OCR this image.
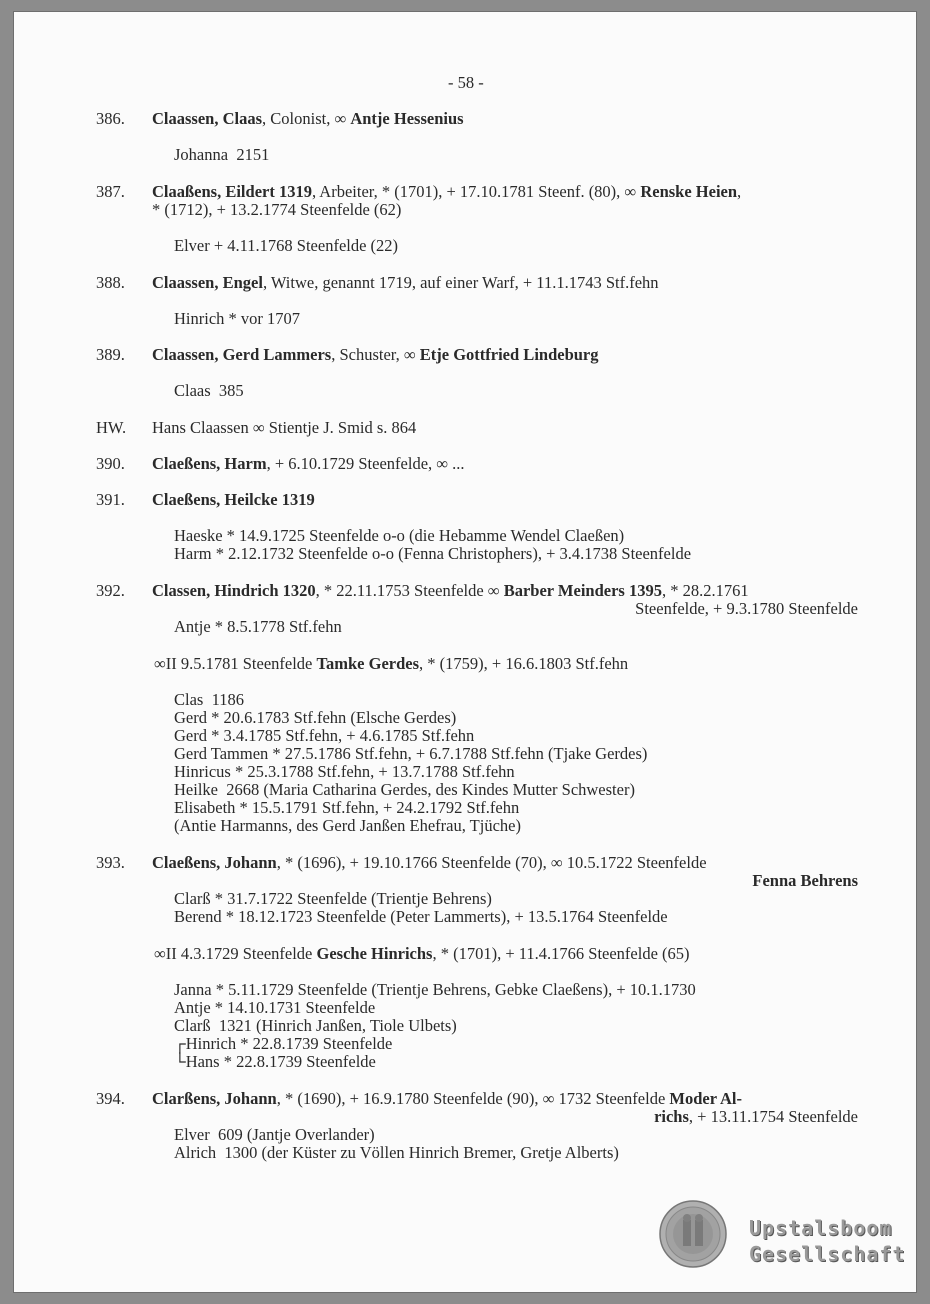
- 58 -
386. Claassen, Claas, Colonist, ∞ Antje Hessenius
Johanna  2151
387. Claaßens, Eildert 1319, Arbeiter, * (1701), + 17.10.1781 Steenf. (80), ∞ Renske Heien,
* (1712), + 13.2.1774 Steenfelde (62)
Elver + 4.11.1768 Steenfelde (22)
388. Claassen, Engel, Witwe, genannt 1719, auf einer Warf, + 11.1.1743 Stf.fehn
Hinrich * vor 1707
389. Claassen, Gerd Lammers, Schuster, ∞ Etje Gottfried Lindeburg
Claas  385
HW. Hans Claassen ∞ Stientje J. Smid s. 864
390. Claeßens, Harm, + 6.10.1729 Steenfelde, ∞ ...
391. Claeßens, Heilcke 1319
Haeske * 14.9.1725 Steenfelde o-o (die Hebamme Wendel Claeßen)
Harm * 2.12.1732 Steenfelde o-o (Fenna Christophers), + 3.4.1738 Steenfelde
392. Classen, Hindrich 1320, * 22.11.1753 Steenfelde ∞ Barber Meinders 1395, * 28.2.1761
Steenfelde, + 9.3.1780 Steenfelde
Antje * 8.5.1778 Stf.fehn
∞II 9.5.1781 Steenfelde Tamke Gerdes, * (1759), + 16.6.1803 Stf.fehn
Clas  1186
Gerd * 20.6.1783 Stf.fehn (Elsche Gerdes)
Gerd * 3.4.1785 Stf.fehn, + 4.6.1785 Stf.fehn
Gerd Tammen * 27.5.1786 Stf.fehn, + 6.7.1788 Stf.fehn (Tjake Gerdes)
Hinricus * 25.3.1788 Stf.fehn, + 13.7.1788 Stf.fehn
Heilke  2668 (Maria Catharina Gerdes, des Kindes Mutter Schwester)
Elisabeth * 15.5.1791 Stf.fehn, + 24.2.1792 Stf.fehn
(Antie Harmanns, des Gerd Janßen Ehefrau, Tjüche)
393. Claeßens, Johann, * (1696), + 19.10.1766 Steenfelde (70), ∞ 10.5.1722 Steenfelde
Fenna Behrens
Clarß * 31.7.1722 Steenfelde (Trientje Behrens)
Berend * 18.12.1723 Steenfelde (Peter Lammerts), + 13.5.1764 Steenfelde
∞II 4.3.1729 Steenfelde Gesche Hinrichs, * (1701), + 11.4.1766 Steenfelde (65)
Janna * 5.11.1729 Steenfelde (Trientje Behrens, Gebke Claeßens), + 10.1.1730
Antje * 14.10.1731 Steenfelde
Clarß  1321 (Hinrich Janßen, Tiole Ulbets)
┌Hinrich * 22.8.1739 Steenfelde
└Hans * 22.8.1739 Steenfelde
394. Clarßens, Johann, * (1690), + 16.9.1780 Steenfelde (90), ∞ 1732 Steenfelde Moder Al-
richs, + 13.11.1754 Steenfelde
Elver  609 (Jantje Overlander)
Alrich  1300 (der Küster zu Völlen Hinrich Bremer, Gretje Alberts)
Upstalsboom
Gesellschaft
